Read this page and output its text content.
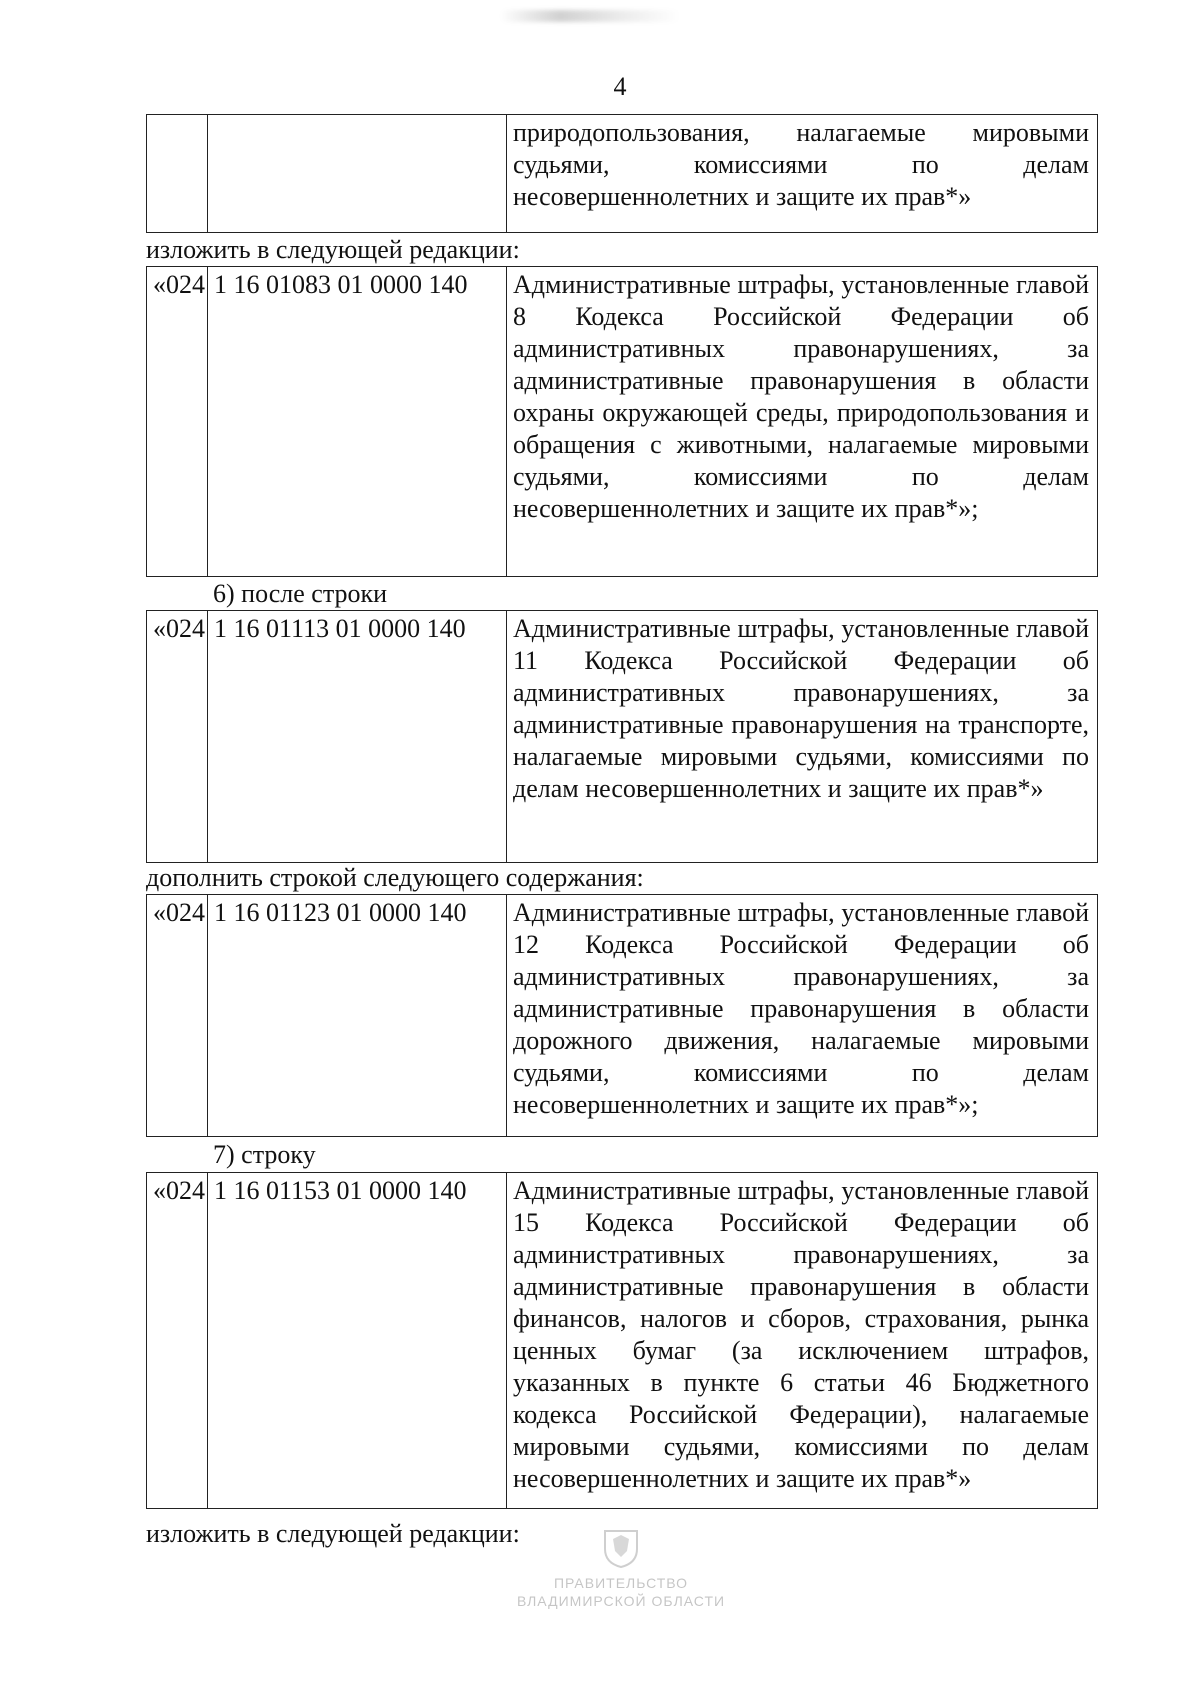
4
		природопользования, налагаемые мировыми судьями, комиссиями по делам несовершеннолетних и защите их прав*»
изложить в следующей редакции:
«024	1 16 01083 01 0000 140	Административные штрафы, установленные главой 8 Кодекса Российской Федерации об административных правонарушениях, за административные правонарушения в области охраны окружающей среды, природопользования и обращения с животными, налагаемые мировыми судьями, комиссиями по делам несовершеннолетних и защите их прав*»;
6) после строки
«024	1 16 01113 01 0000 140	Административные штрафы, установленные главой 11 Кодекса Российской Федерации об административных правонарушениях, за административные правонарушения на транспорте, налагаемые мировыми судьями, комиссиями по делам несовершеннолетних и защите их прав*»
дополнить строкой следующего содержания:
«024	1 16 01123 01 0000 140	Административные штрафы, установленные главой 12 Кодекса Российской Федерации об административных правонарушениях, за административные правонарушения в области дорожного движения, налагаемые мировыми судьями, комиссиями по делам несовершеннолетних и защите их прав*»;
7) строку
«024	1 16 01153 01 0000 140	Административные штрафы, установленные главой 15 Кодекса Российской Федерации об административных правонарушениях, за административные правонарушения в области финансов, налогов и сборов, страхования, рынка ценных бумаг (за исключением штрафов, указанных в пункте 6 статьи 46 Бюджетного кодекса Российской Федерации), налагаемые мировыми судьями, комиссиями по делам несовершеннолетних и защите их прав*»
изложить в следующей редакции:
ПРАВИТЕЛЬСТВО
ВЛАДИМИРСКОЙ ОБЛАСТИ
